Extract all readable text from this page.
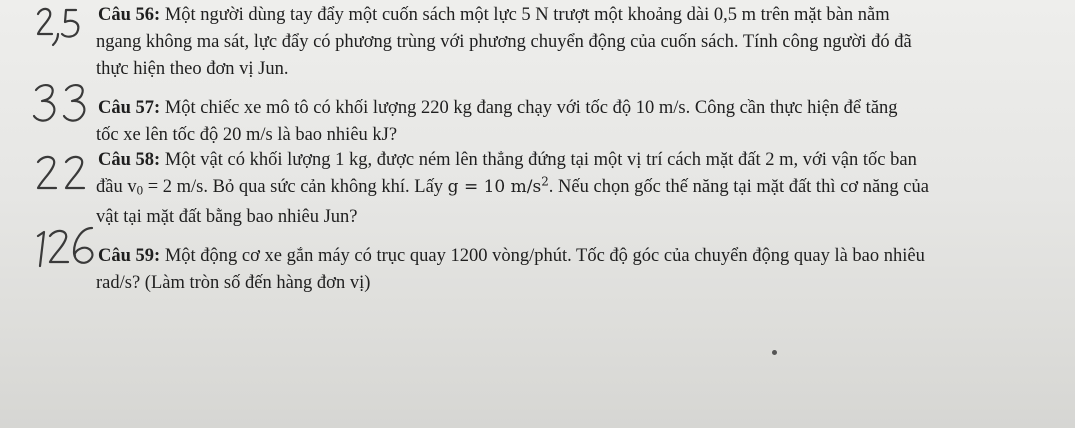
Câu 56: Một người dùng tay đẩy một cuốn sách một lực 5 N trượt một khoảng dài 0,5 m trên mặt bàn nằm
ngang không ma sát, lực đẩy có phương trùng với phương chuyển động của cuốn sách. Tính công người đó đã
thực hiện theo đơn vị Jun.
Câu 57: Một chiếc xe mô tô có khối lượng 220 kg đang chạy với tốc độ 10 m/s. Công cần thực hiện để tăng
tốc xe lên tốc độ 20 m/s là bao nhiêu kJ?
Câu 58: Một vật có khối lượng 1 kg, được ném lên thẳng đứng tại một vị trí cách mặt đất 2 m, với vận tốc ban
đầu $v_0 = 2$ m/s. Bỏ qua sức cản không khí. Lấy g = 10 $m/s^2$. Nếu chọn gốc thế năng tại mặt đất thì cơ năng của
vật tại mặt đất bằng bao nhiêu Jun?
Câu 59: Một động cơ xe gắn máy có trục quay 1200 vòng/phút. Tốc độ góc của chuyển động quay là bao nhiêu
rad/s? (Làm tròn số đến hàng đơn vị)
